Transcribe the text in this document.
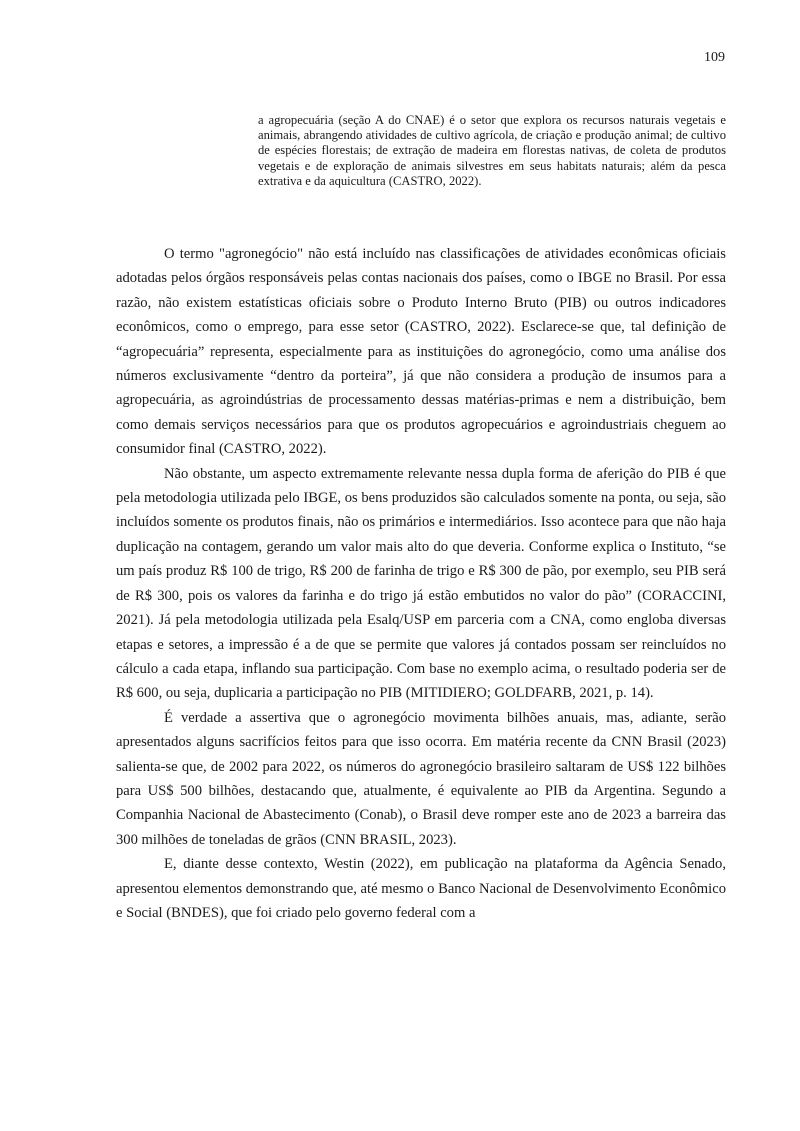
109

a agropecuária (seção A do CNAE) é o setor que explora os recursos naturais vegetais e animais, abrangendo atividades de cultivo agrícola, de criação e produção animal; de cultivo de espécies florestais; de extração de madeira em florestas nativas, de coleta de produtos vegetais e de exploração de animais silvestres em seus habitats naturais; além da pesca extrativa e da aquicultura (CASTRO, 2022).

O termo "agronegócio" não está incluído nas classificações de atividades econômicas oficiais adotadas pelos órgãos responsáveis pelas contas nacionais dos países, como o IBGE no Brasil. Por essa razão, não existem estatísticas oficiais sobre o Produto Interno Bruto (PIB) ou outros indicadores econômicos, como o emprego, para esse setor (CASTRO, 2022). Esclarece-se que, tal definição de “agropecuária” representa, especialmente para as instituições do agronegócio, como uma análise dos números exclusivamente “dentro da porteira”, já que não considera a produção de insumos para a agropecuária, as agroindústrias de processamento dessas matérias-primas e nem a distribuição, bem como demais serviços necessários para que os produtos agropecuários e agroindustriais cheguem ao consumidor final (CASTRO, 2022).

Não obstante, um aspecto extremamente relevante nessa dupla forma de aferição do PIB é que pela metodologia utilizada pelo IBGE, os bens produzidos são calculados somente na ponta, ou seja, são incluídos somente os produtos finais, não os primários e intermediários. Isso acontece para que não haja duplicação na contagem, gerando um valor mais alto do que deveria. Conforme explica o Instituto, “se um país produz R$ 100 de trigo, R$ 200 de farinha de trigo e R$ 300 de pão, por exemplo, seu PIB será de R$ 300, pois os valores da farinha e do trigo já estão embutidos no valor do pão” (CORACCINI, 2021). Já pela metodologia utilizada pela Esalq/USP em parceria com a CNA, como engloba diversas etapas e setores, a impressão é a de que se permite que valores já contados possam ser reincluídos no cálculo a cada etapa, inflando sua participação. Com base no exemplo acima, o resultado poderia ser de R$ 600, ou seja, duplicaria a participação no PIB (MITIDIERO; GOLDFARB, 2021, p. 14).

É verdade a assertiva que o agronegócio movimenta bilhões anuais, mas, adiante, serão apresentados alguns sacrifícios feitos para que isso ocorra. Em matéria recente da CNN Brasil (2023) salienta-se que, de 2002 para 2022, os números do agronegócio brasileiro saltaram de US$ 122 bilhões para US$ 500 bilhões, destacando que, atualmente, é equivalente ao PIB da Argentina. Segundo a Companhia Nacional de Abastecimento (Conab), o Brasil deve romper este ano de 2023 a barreira das 300 milhões de toneladas de grãos (CNN BRASIL, 2023).

E, diante desse contexto, Westin (2022), em publicação na plataforma da Agência Senado, apresentou elementos demonstrando que, até mesmo o Banco Nacional de Desenvolvimento Econômico e Social (BNDES), que foi criado pelo governo federal com a
